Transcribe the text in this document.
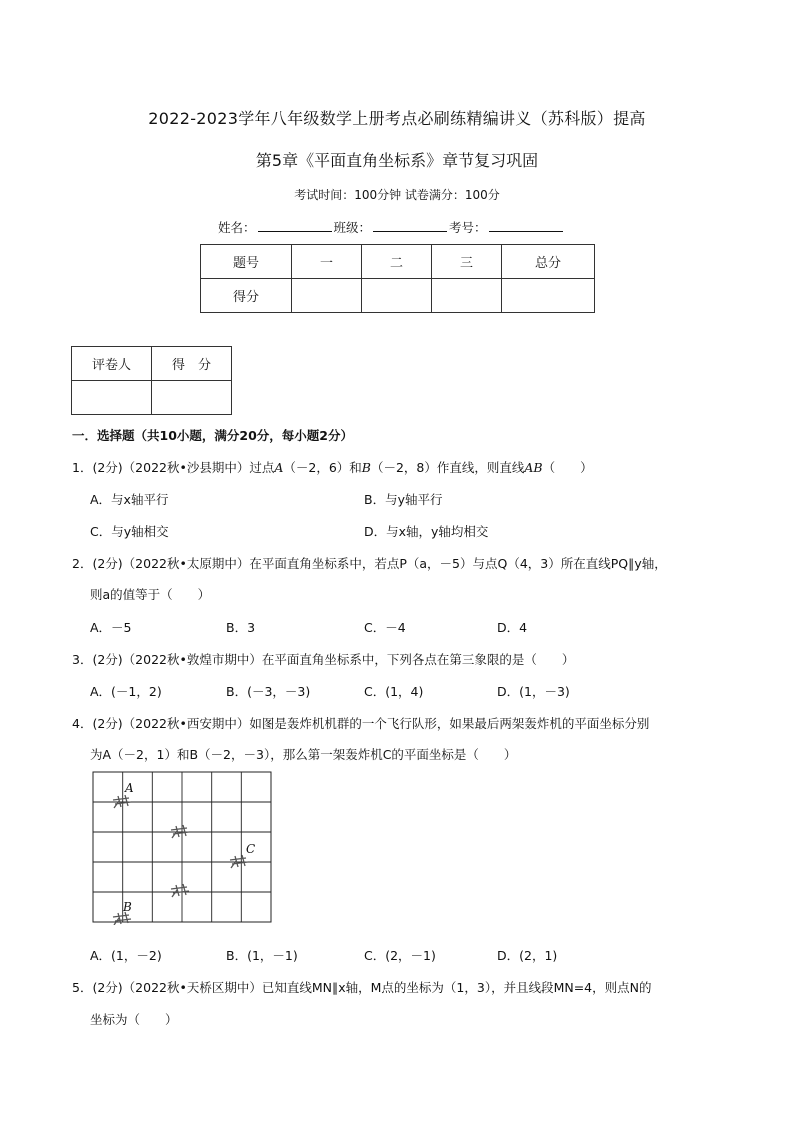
2022-2023学年八年级数学上册考点必刷练精编讲义（苏科版）提高
第5章《平面直角坐标系》章节复习巩固
考试时间：100分钟 试卷满分：100分
姓名：	班级：	考号：
题号	一	二	三	总分
得分				
评卷人	得　分

一．选择题（共10小题，满分20分，每小题2分）
1．(2分)（2022秋•沙县期中）过点A（－2，6）和B（－2，8）作直线，则直线AB（　　）
A．与x轴平行	B．与y轴平行
C．与y轴相交	D．与x轴，y轴均相交
2．(2分)（2022秋•太原期中）在平面直角坐标系中，若点P（a，－5）与点Q（4，3）所在直线PQ∥y轴，
则a的值等于（　　）
A．－5	B．3	C．－4	D．4
3．(2分)（2022秋•敦煌市期中）在平面直角坐标系中，下列各点在第三象限的是（　　）
A．(－1，2)	B．(－3，－3)	C．(1，4)	D．(1，－3)
4．(2分)（2022秋•西安期中）如图是轰炸机机群的一个飞行队形，如果最后两架轰炸机的平面坐标分别
为A（－2，1）和B（－2，－3），那么第一架轰炸机C的平面坐标是（　　）
A
B
C
A．(1，－2)	B．(1，－1)	C．(2，－1)	D．(2，1)
5．(2分)（2022秋•天桥区期中）已知直线MN∥x轴，M点的坐标为（1，3），并且线段MN=4，则点N的
坐标为（　　）
